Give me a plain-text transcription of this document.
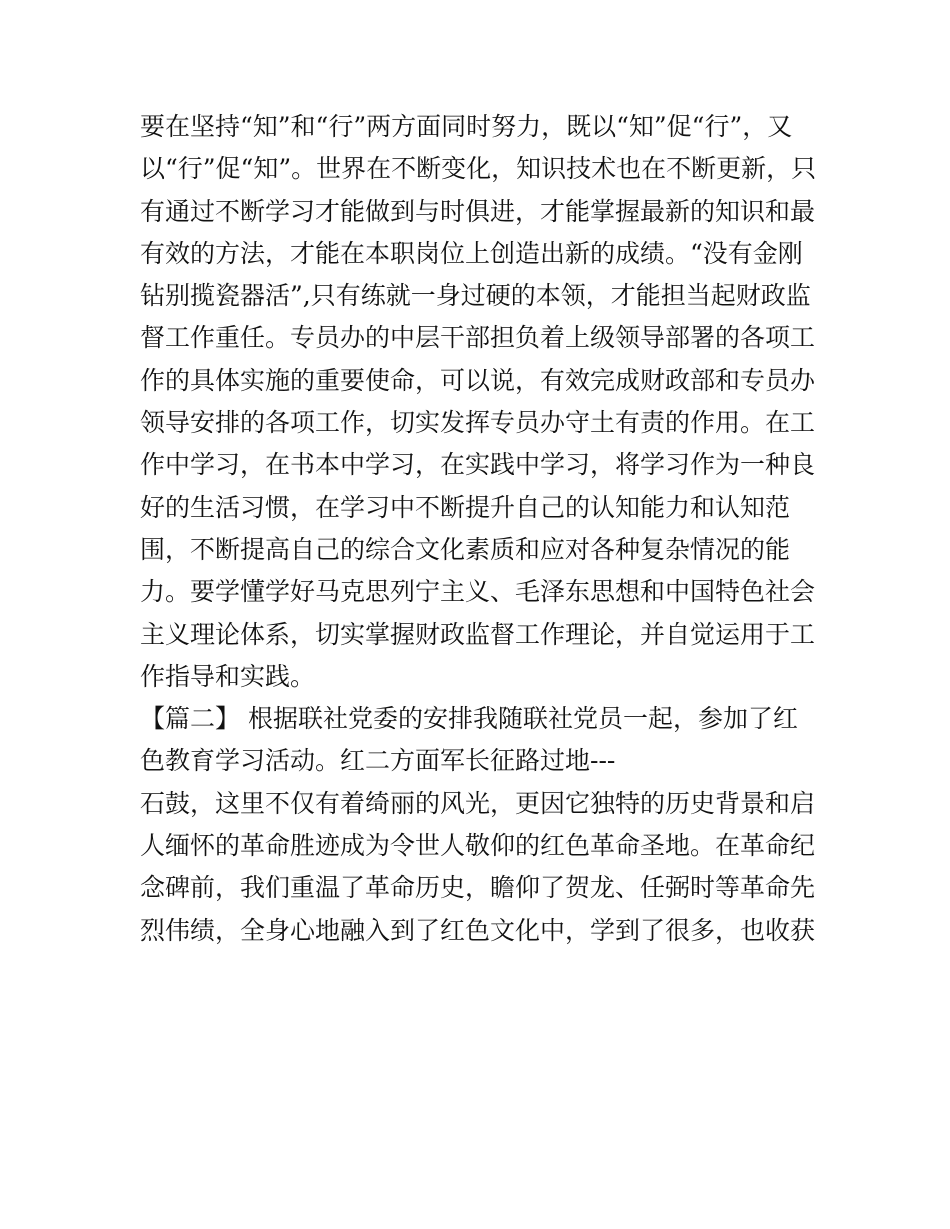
要在坚持“知”和“行”两方面同时努力，既以“知”促“行”，又
以“行”促“知”。世界在不断变化，知识技术也在不断更新，只
有通过不断学习才能做到与时俱进，才能掌握最新的知识和最
有效的方法，才能在本职岗位上创造出新的成绩。“没有金刚
钻别揽瓷器活”,只有练就一身过硬的本领，才能担当起财政监
督工作重任。专员办的中层干部担负着上级领导部署的各项工
作的具体实施的重要使命，可以说，有效完成财政部和专员办
领导安排的各项工作，切实发挥专员办守土有责的作用。在工
作中学习，在书本中学习，在实践中学习，将学习作为一种良
好的生活习惯，在学习中不断提升自己的认知能力和认知范
围，不断提高自己的综合文化素质和应对各种复杂情况的能
力。要学懂学好马克思列宁主义、毛泽东思想和中国特色社会
主义理论体系，切实掌握财政监督工作理论，并自觉运用于工
作指导和实践。
【篇二】 根据联社党委的安排我随联社党员一起，参加了红
色教育学习活动。红二方面军长征路过地---
石鼓，这里不仅有着绮丽的风光，更因它独特的历史背景和启
人缅怀的革命胜迹成为令世人敬仰的红色革命圣地。在革命纪
念碑前，我们重温了革命历史，瞻仰了贺龙、任弼时等革命先
烈伟绩，全身心地融入到了红色文化中，学到了很多，也收获
